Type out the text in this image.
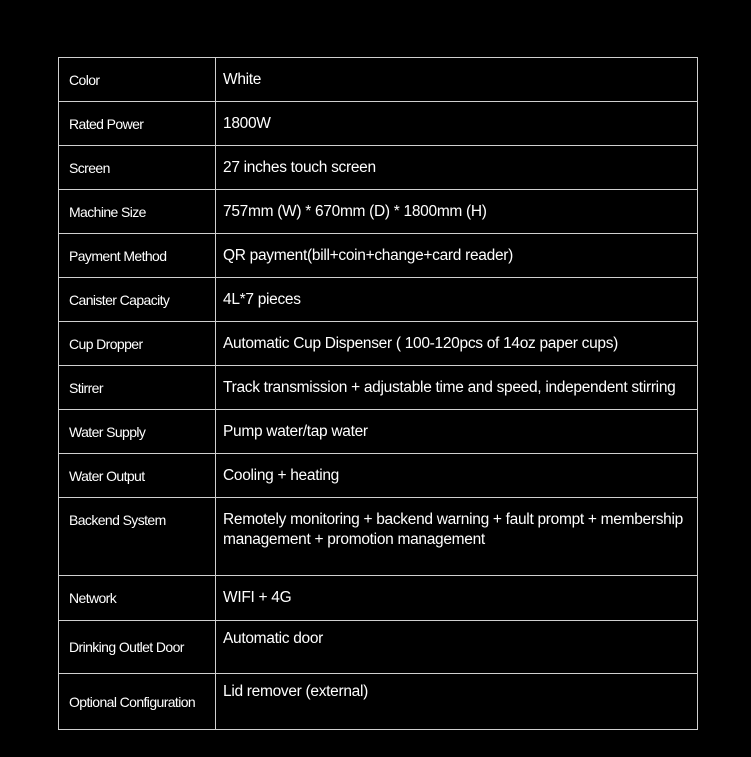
Color	White
Rated Power	1800W
Screen	27 inches touch screen
Machine Size	757mm (W) * 670mm (D) * 1800mm (H)
Payment Method	QR payment(bill+coin+change+card reader)
Canister Capacity	4L*7 pieces
Cup Dropper	Automatic Cup Dispenser ( 100-120pcs of 14oz paper cups)
Stirrer	Track transmission + adjustable time and speed, independent stirring
Water Supply	Pump water/tap water
Water Output	Cooling + heating
Backend System	Remotely monitoring + backend warning + fault prompt + membership management + promotion management
Network	WIFI + 4G
Drinking Outlet Door	Automatic door
Optional Configuration	Lid remover (external)
